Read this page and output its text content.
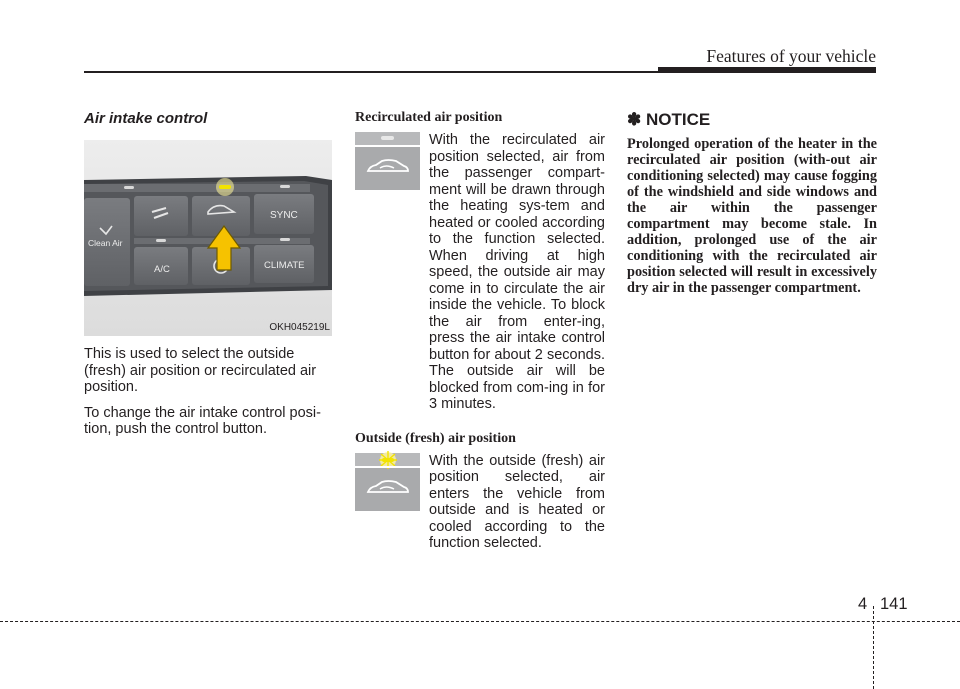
Features of your vehicle
Air intake control
Clean Air
SYNC
A/C	CLIMATE
OKH045219L

This is used to select the outside (fresh) air position or recirculated air position.

To change the air intake control posi-tion, push the control button.

Recirculated air position
With the recirculated air position selected, air from the passenger compart-ment will be drawn through the heating sys-tem and heated or cooled according to the function selected. When driving at high speed, the outside air may come in to circulate the air inside the vehicle. To block the air from enter-ing, press the air intake control button for about 2 seconds. The outside air will be blocked from com-ing in for 3 minutes.
Outside (fresh) air position
With the outside (fresh) air position selected, air enters the vehicle from outside and is heated or cooled according to the function selected.
✽ NOTICE

Prolonged operation of the heater in the recirculated air position (with-out air conditioning selected) may cause fogging of the windshield and side windows and the air within the passenger compartment may become stale. In addition, prolonged use of the air conditioning with the recirculated air position selected will result in excessively dry air in the passenger compartment.

4 141
